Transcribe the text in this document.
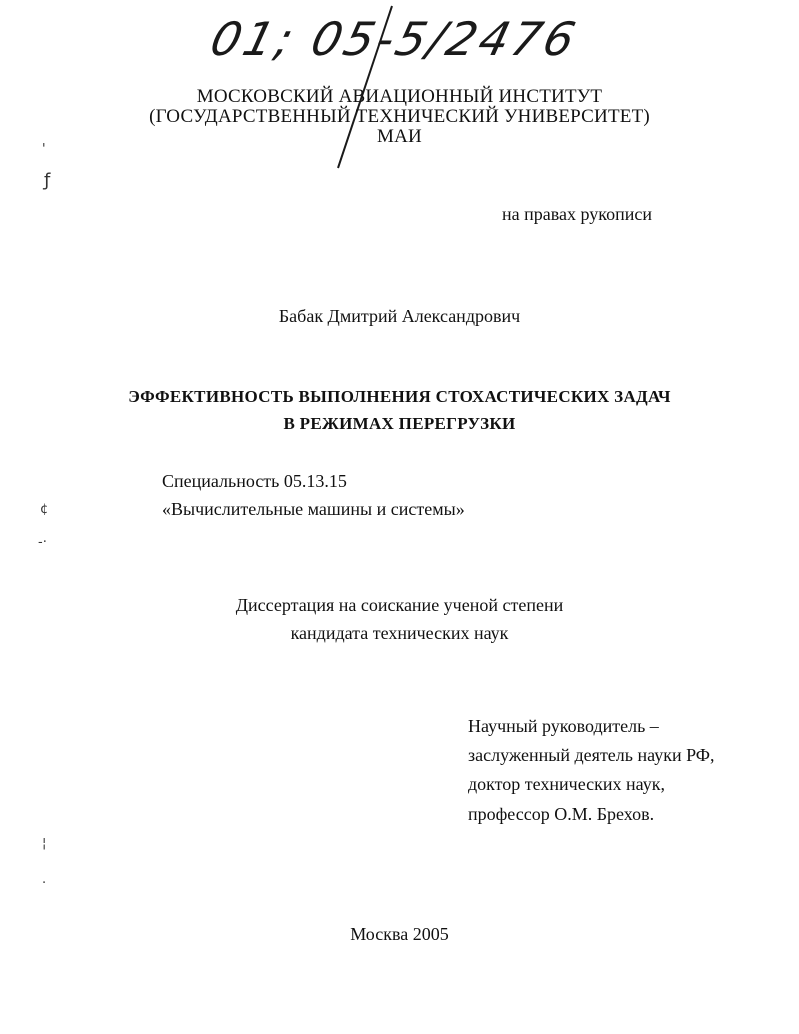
01; 05-5/2476
МОСКОВСКИЙ АВИАЦИОННЫЙ ИНСТИТУТ
(ГОСУДАРСТВЕННЫЙ ТЕХНИЧЕСКИЙ УНИВЕРСИТЕТ)
МАИ
на правах рукописи
Бабак Дмитрий Александрович
ЭФФЕКТИВНОСТЬ ВЫПОЛНЕНИЯ СТОХАСТИЧЕСКИХ ЗАДАЧ
В РЕЖИМАХ ПЕРЕГРУЗКИ
Специальность 05.13.15
«Вычислительные машины и системы»
Диссертация на соискание ученой степени
кандидата технических наук
Научный руководитель –
заслуженный деятель науки РФ,
доктор технических наук,
профессор О.М. Брехов.
Москва 2005
'
ƒ
¢
-·
¦
·
